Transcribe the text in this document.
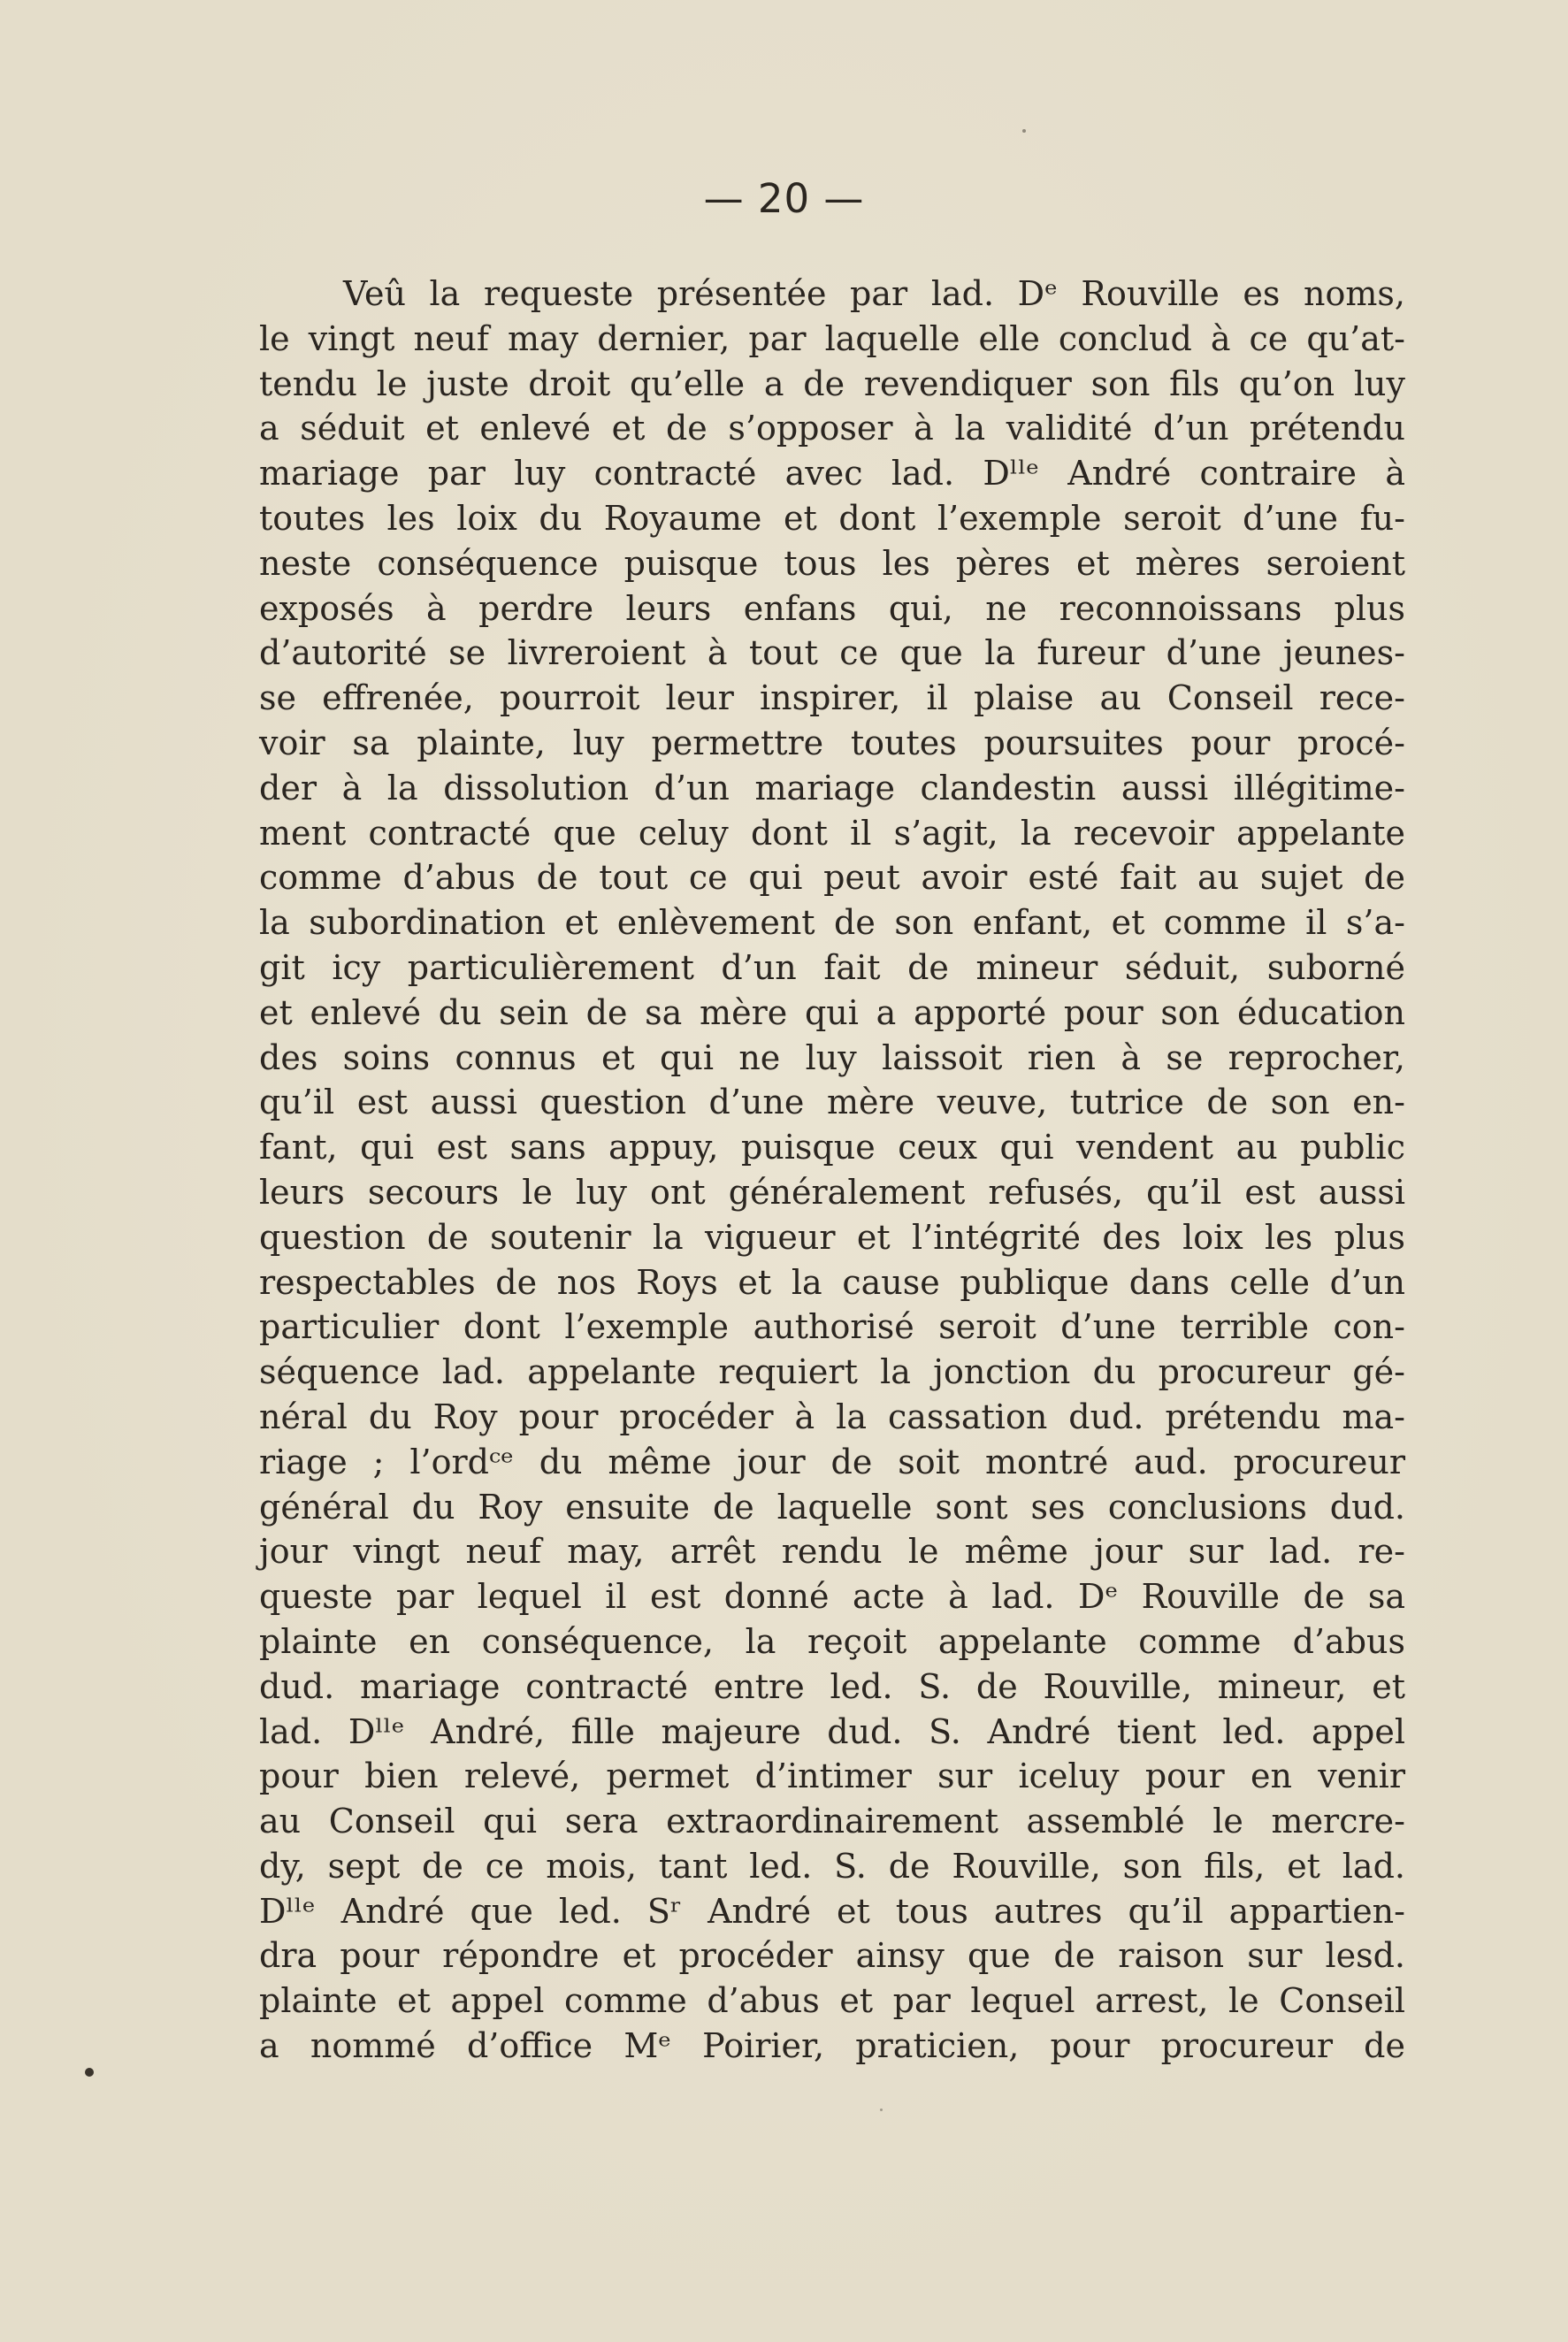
— 20 —
Veû la requeste présentée par lad. Dᵉ Rouville es noms,
le vingt neuf may dernier, par laquelle elle conclud à ce qu’at-
tendu le juste droit qu’elle a de revendiquer son fils qu’on luy
a séduit et enlevé et de s’opposer à la validité d’un prétendu
mariage par luy contracté avec lad. Dˡˡᵉ André contraire à
toutes les loix du Royaume et dont l’exemple seroit d’une fu-
neste conséquence puisque tous les pères et mères seroient
exposés à perdre leurs enfans qui, ne reconnoissans plus
d’autorité se livreroient à tout ce que la fureur d’une jeunes-
se effrenée, pourroit leur inspirer, il plaise au Conseil rece-
voir sa plainte, luy permettre toutes poursuites pour procé-
der à la dissolution d’un mariage clandestin aussi illégitime-
ment contracté que celuy dont il s’agit, la recevoir appelante
comme d’abus de tout ce qui peut avoir esté fait au sujet de
la subordination et enlèvement de son enfant, et comme il s’a-
git icy particulièrement d’un fait de mineur séduit, suborné
et enlevé du sein de sa mère qui a apporté pour son éducation
des soins connus et qui ne luy laissoit rien à se reprocher,
qu’il est aussi question d’une mère veuve, tutrice de son en-
fant, qui est sans appuy, puisque ceux qui vendent au public
leurs secours le luy ont généralement refusés, qu’il est aussi
question de soutenir la vigueur et l’intégrité des loix les plus
respectables de nos Roys et la cause publique dans celle d’un
particulier dont l’exemple authorisé seroit d’une terrible con-
séquence lad. appelante requiert la jonction du procureur gé-
néral du Roy pour procéder à la cassation dud. prétendu ma-
riage ; l’ordᶜᵉ du même jour de soit montré aud. procureur
général du Roy ensuite de laquelle sont ses conclusions dud.
jour vingt neuf may, arrêt rendu le même jour sur lad. re-
queste par lequel il est donné acte à lad. Dᵉ Rouville de sa
plainte en conséquence, la reçoit appelante comme d’abus
dud. mariage contracté entre led. S. de Rouville, mineur, et
lad. Dˡˡᵉ André, fille majeure dud. S. André tient led. appel
pour bien relevé, permet d’intimer sur iceluy pour en venir
au Conseil qui sera extraordinairement assemblé le mercre-
dy, sept de ce mois, tant led. S. de Rouville, son fils, et lad.
Dˡˡᵉ André que led. Sʳ André et tous autres qu’il appartien-
dra pour répondre et procéder ainsy que de raison sur lesd.
plainte et appel comme d’abus et par lequel arrest, le Conseil
a nommé d’office Mᵉ Poirier, praticien, pour procureur de
